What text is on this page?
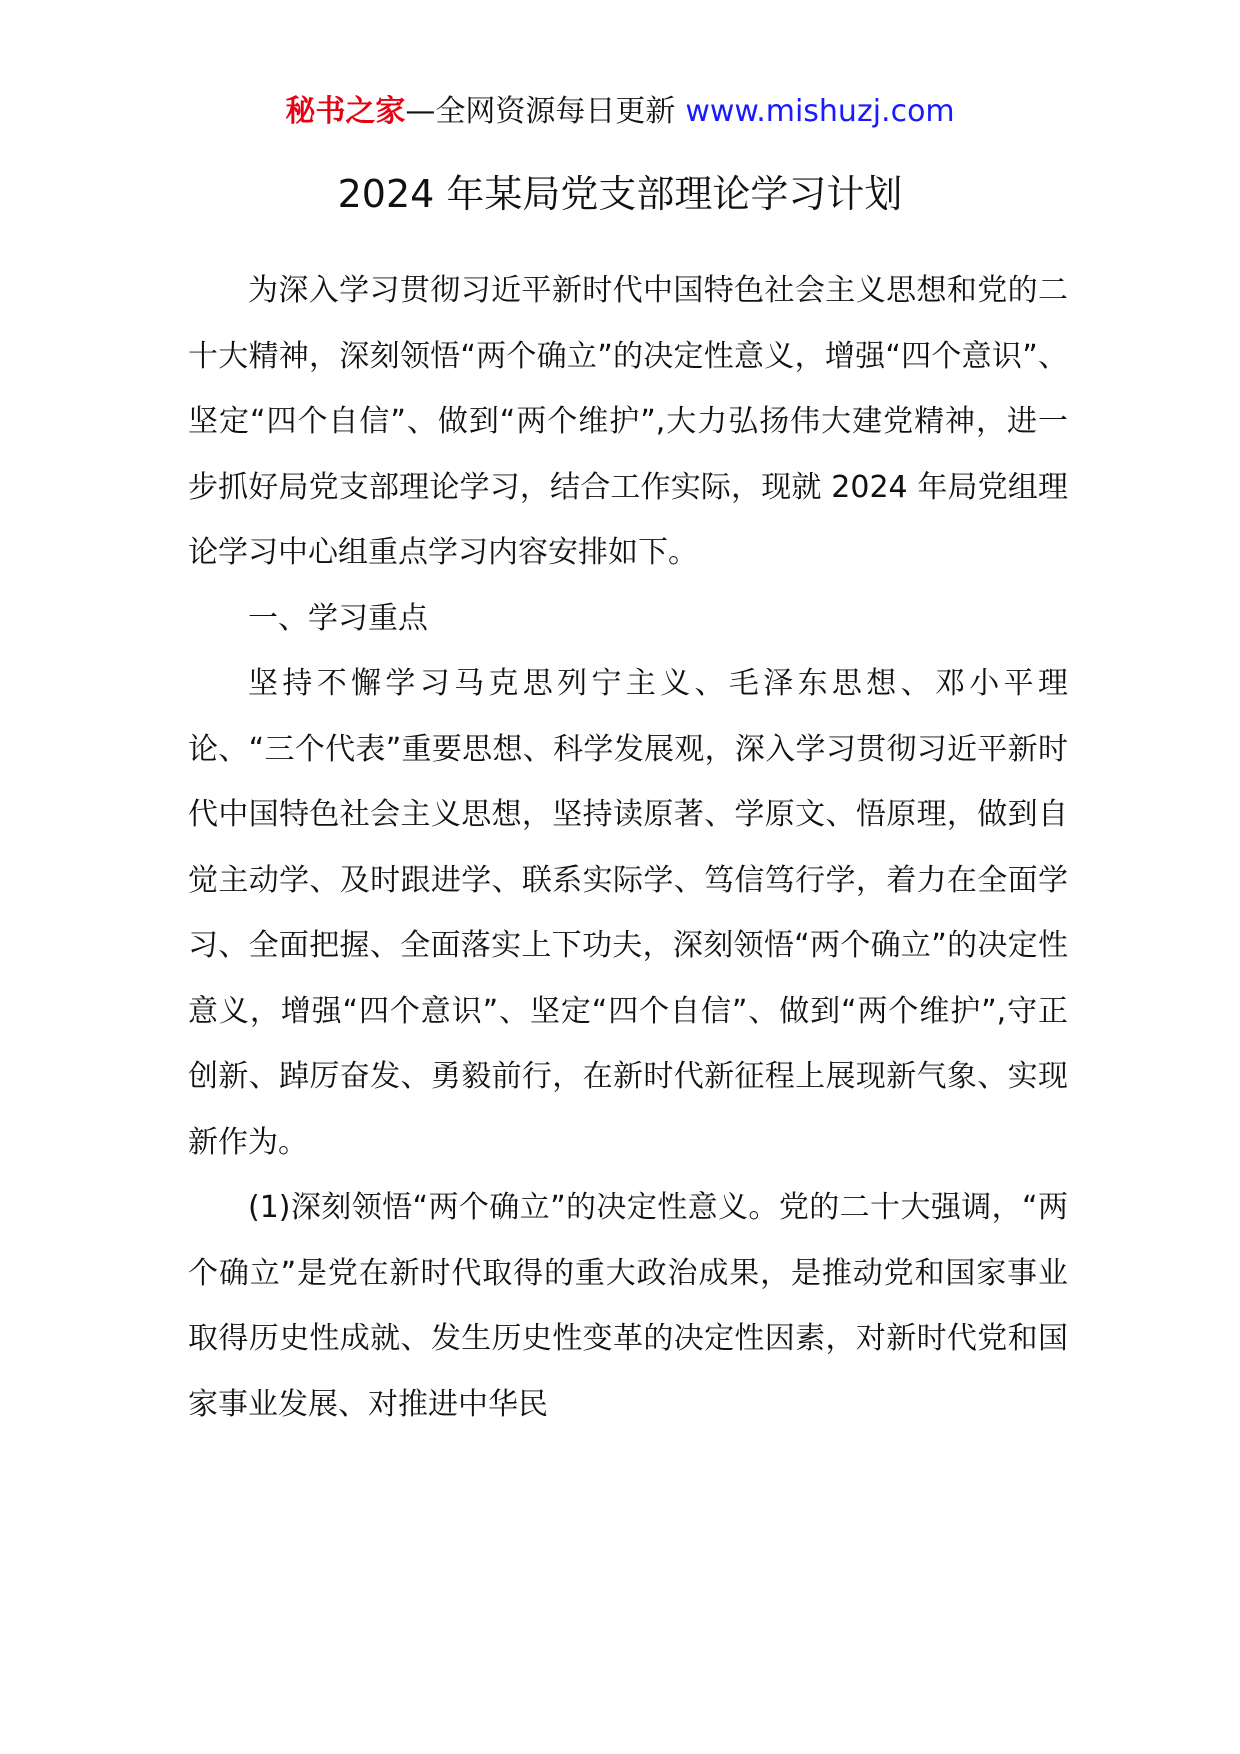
秘书之家—全网资源每日更新 www.mishuzj.com
2024 年某局党支部理论学习计划

为深入学习贯彻习近平新时代中国特色社会主义思想和党的二十大精神，深刻领悟“两个确立”的决定性意义，增强“四个意识”、坚定“四个自信”、做到“两个维护”,大力弘扬伟大建党精神，进一步抓好局党支部理论学习，结合工作实际，现就 2024 年局党组理论学习中心组重点学习内容安排如下。

一、学习重点

坚持不懈学习马克思列宁主义、毛泽东思想、邓小平理论、“三个代表”重要思想、科学发展观，深入学习贯彻习近平新时代中国特色社会主义思想，坚持读原著、学原文、悟原理，做到自觉主动学、及时跟进学、联系实际学、笃信笃行学，着力在全面学习、全面把握、全面落实上下功夫，深刻领悟“两个确立”的决定性意义，增强“四个意识”、坚定“四个自信”、做到“两个维护”,守正创新、踔厉奋发、勇毅前行，在新时代新征程上展现新气象、实现新作为。

(1)深刻领悟“两个确立”的决定性意义。党的二十大强调，“两个确立”是党在新时代取得的重大政治成果，是推动党和国家事业取得历史性成就、发生历史性变革的决定性因素，对新时代党和国家事业发展、对推进中华民
